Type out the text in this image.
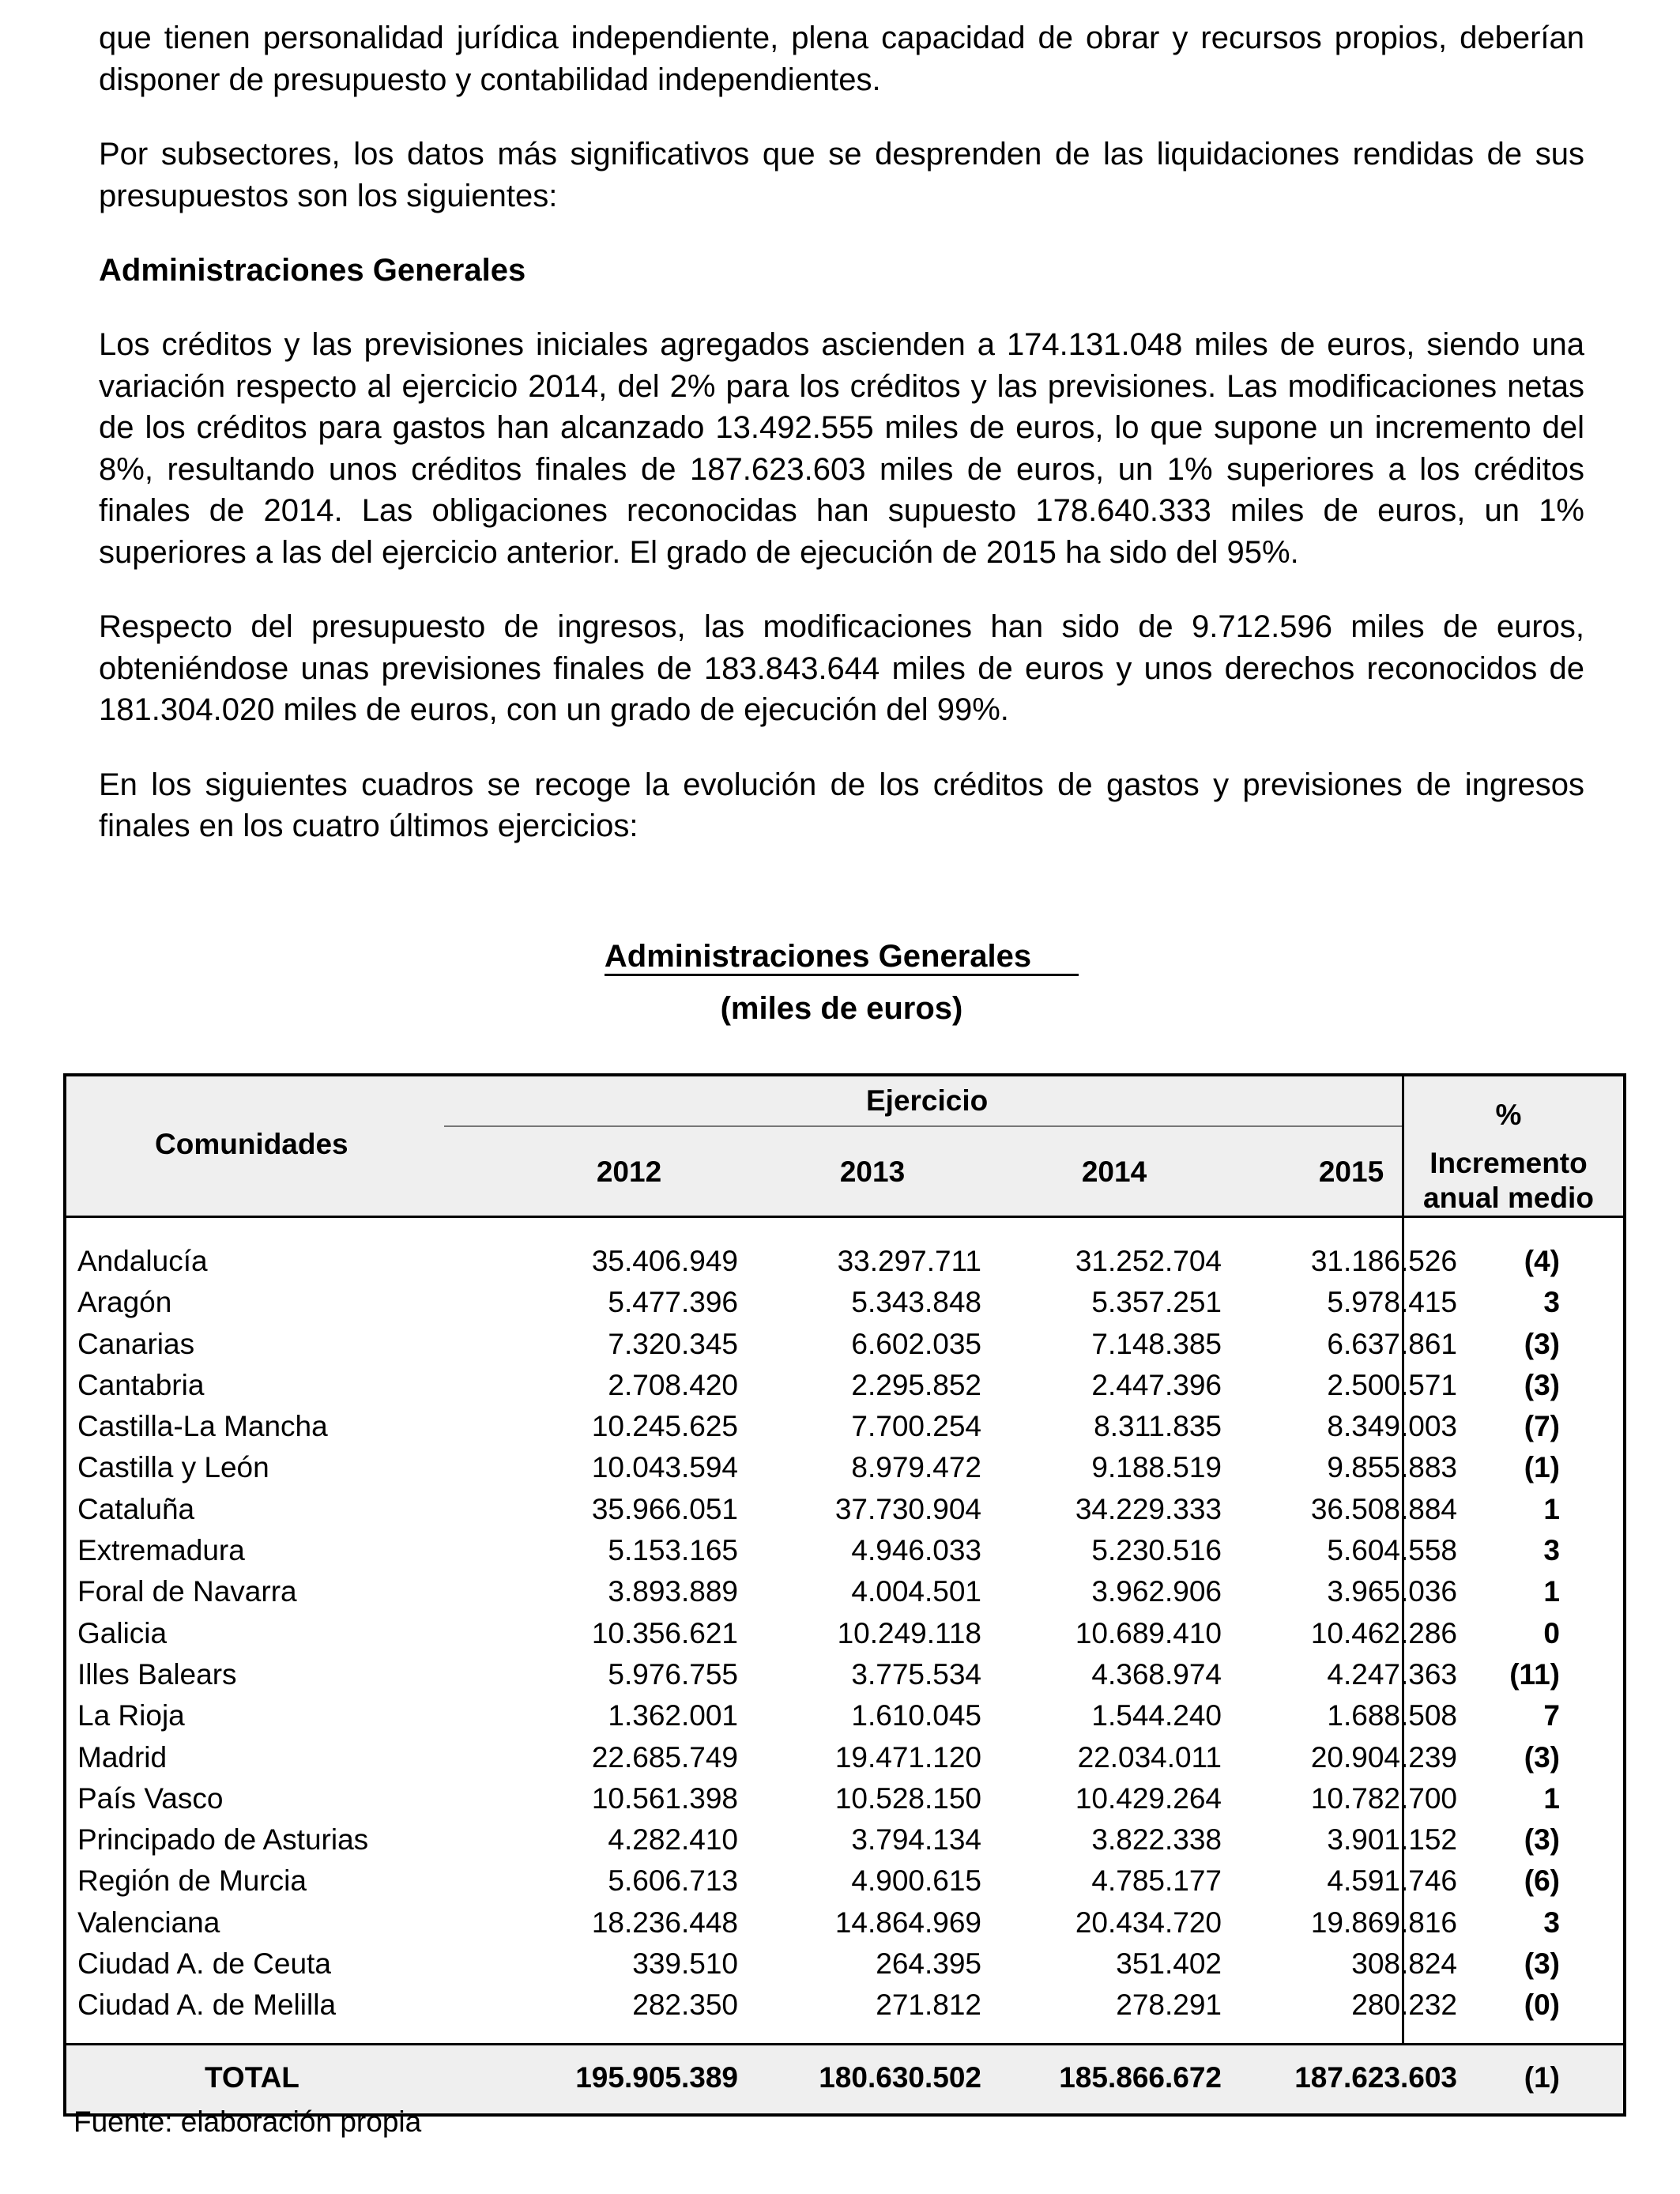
que tienen personalidad jurídica independiente, plena capacidad de obrar y recursos propios, deberían disponer de presupuesto y contabilidad independientes.

Por subsectores, los datos más significativos que se desprenden de las liquidaciones rendidas de sus presupuestos son los siguientes:

Administraciones Generales

Los créditos y las previsiones iniciales agregados ascienden a 174.131.048 miles de euros, siendo una variación respecto al ejercicio 2014, del 2% para los créditos y las previsiones. Las modificaciones netas de los créditos para gastos han alcanzado 13.492.555 miles de euros, lo que supone un incremento del 8%, resultando unos créditos finales de 187.623.603 miles de euros, un 1% superiores a los créditos finales de 2014. Las obligaciones reconocidas han supuesto 178.640.333 miles de euros, un 1% superiores a las del ejercicio anterior. El grado de ejecución de 2015 ha sido del 95%.

Respecto del presupuesto de ingresos, las modificaciones han sido de 9.712.596 miles de euros, obteniéndose unas previsiones finales de 183.843.644 miles de euros y unos derechos reconocidos de 181.304.020 miles de euros, con un grado de ejecución del 99%.

En los siguientes cuadros se recoge la evolución de los créditos de gastos y previsiones de ingresos finales en los cuatro últimos ejercicios:

Administraciones Generales
(miles de euros)
Comunidades
Ejercicio
2012	2013	2014	2015
%
Incremento
anual medio
Andalucía	35.406.949	33.297.711	31.252.704	31.186.526 (4)
Aragón	5.477.396	5.343.848	5.357.251	5.978.415	3
Canarias	7.320.345	6.602.035	7.148.385	6.637.861 (3)
Cantabria	2.708.420	2.295.852	2.447.396	2.500.571 (3)
Castilla-La Mancha	10.245.625	7.700.254	8.311.835	8.349.003 (7)
Castilla y León	10.043.594	8.979.472	9.188.519	9.855.883 (1)
Cataluña	35.966.051	37.730.904	34.229.333	36.508.884	1
Extremadura	5.153.165	4.946.033	5.230.516	5.604.558	3
Foral de Navarra	3.893.889	4.004.501	3.962.906	3.965.036	1
Galicia	10.356.621	10.249.118	10.689.410	10.462.286	0
Illes Balears	5.976.755	3.775.534	4.368.974	4.247.363 (11)
La Rioja	1.362.001	1.610.045	1.544.240	1.688.508	7
Madrid	22.685.749	19.471.120	22.034.011	20.904.239 (3)
País Vasco	10.561.398	10.528.150	10.429.264	10.782.700	1
Principado de Asturias	4.282.410	3.794.134	3.822.338	3.901.152 (3)
Región de Murcia	5.606.713	4.900.615	4.785.177	4.591.746 (6)
Valenciana	18.236.448	14.864.969	20.434.720	19.869.816	3
Ciudad A. de Ceuta	339.510	264.395	351.402	308.824 (3)
Ciudad A. de Melilla	282.350	271.812	278.291	280.232 (0)
TOTAL	195.905.389	180.630.502	185.866.672	187.623.603 (1)
Fuente: elaboración propia
